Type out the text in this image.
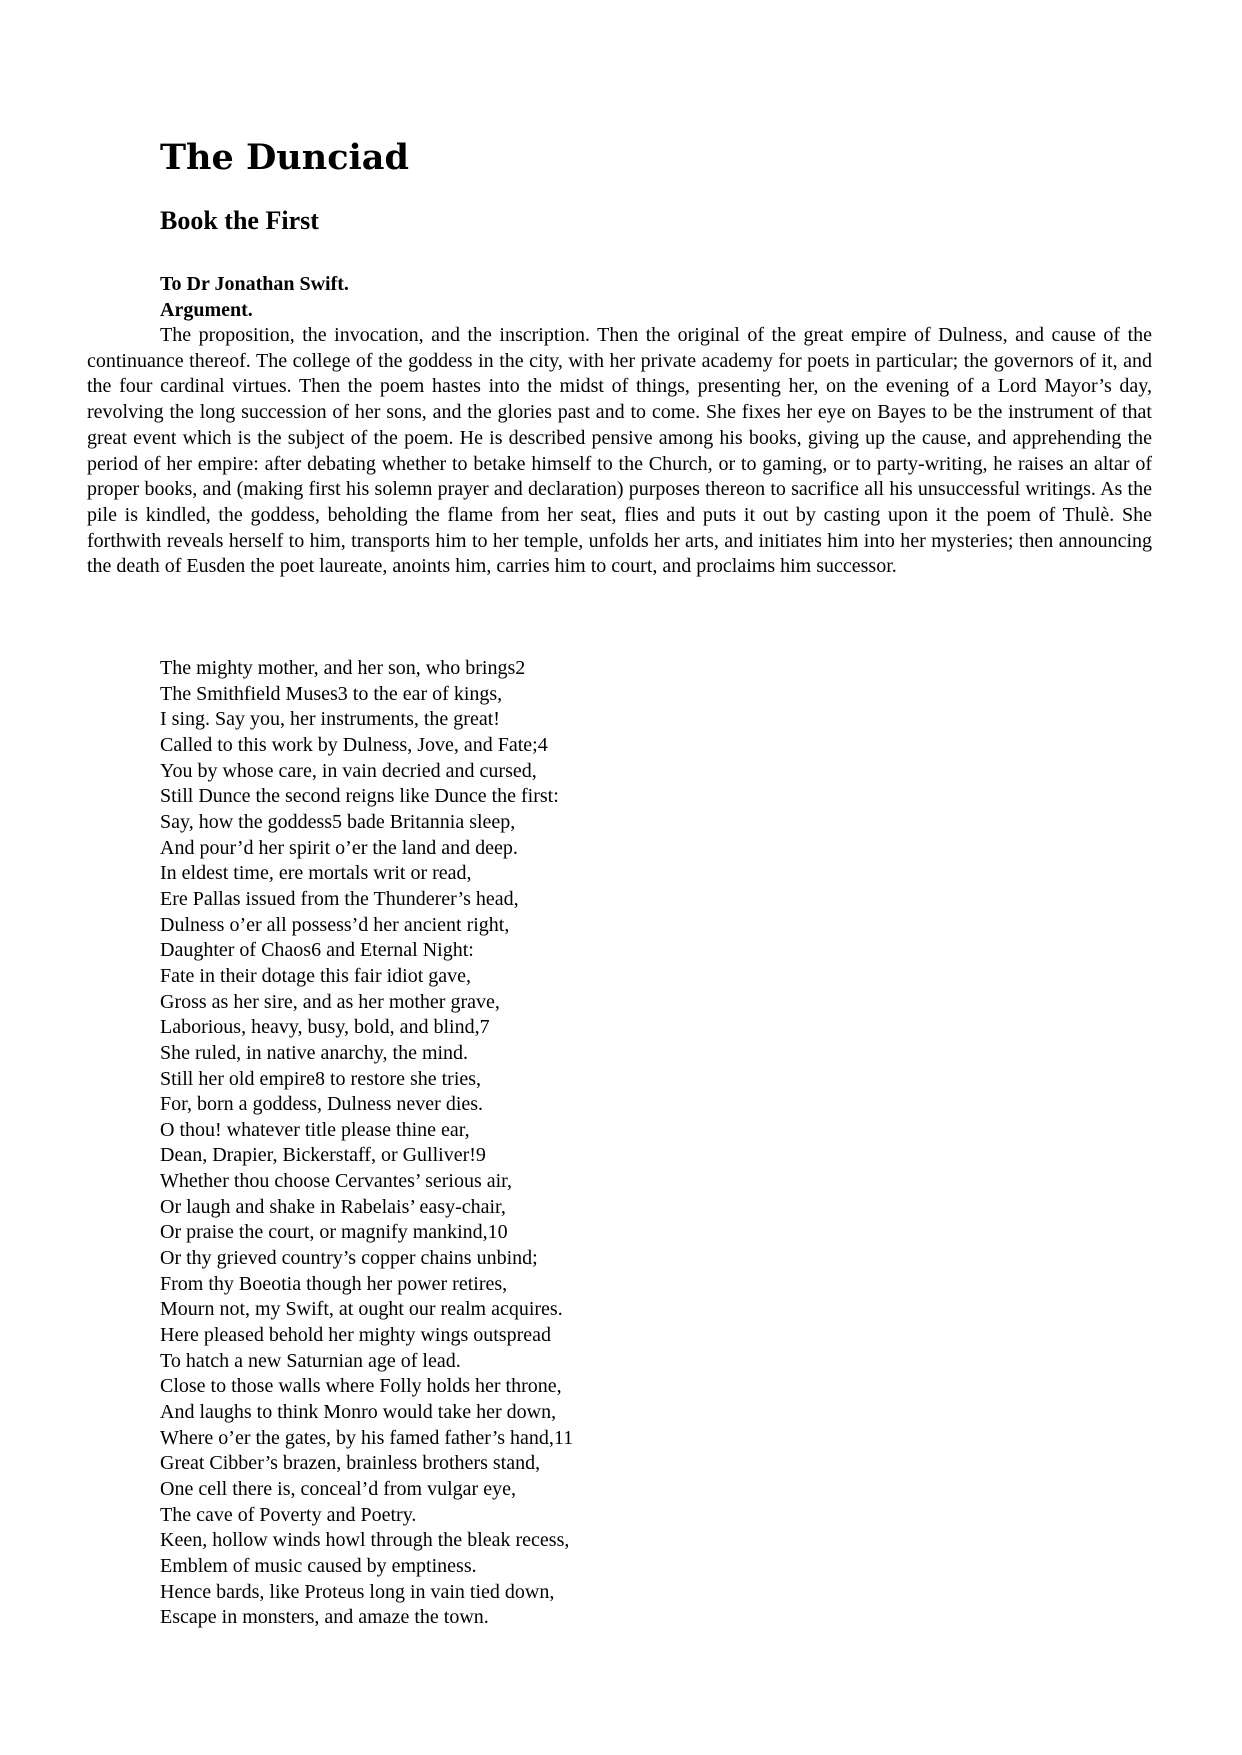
The Dunciad
Book the First

To Dr Jonathan Swift.

Argument.

The proposition, the invocation, and the inscription. Then the original of the great empire of Dulness, and cause of the continuance thereof. The college of the goddess in the city, with her private academy for poets in particular; the governors of it, and the four cardinal virtues. Then the poem hastes into the midst of things, presenting her, on the evening of a Lord Mayor’s day, revolving the long succession of her sons, and the glories past and to come. She fixes her eye on Bayes to be the instrument of that great event which is the subject of the poem. He is described pensive among his books, giving up the cause, and apprehending the period of her empire: after debating whether to betake himself to the Church, or to gaming, or to party-writing, he raises an altar of proper books, and (making first his solemn prayer and declaration) purposes thereon to sacrifice all his unsuccessful writings. As the pile is kindled, the goddess, beholding the flame from her seat, flies and puts it out by casting upon it the poem of Thulè. She forthwith reveals herself to him, transports him to her temple, unfolds her arts, and initiates him into her mysteries; then announcing the death of Eusden the poet laureate, anoints him, carries him to court, and proclaims him successor.

The mighty mother, and her son, who brings2
The Smithfield Muses3 to the ear of kings,
I sing. Say you, her instruments, the great!
Called to this work by Dulness, Jove, and Fate;4
You by whose care, in vain decried and cursed,
Still Dunce the second reigns like Dunce the first:
Say, how the goddess5 bade Britannia sleep,
And pour’d her spirit o’er the land and deep.
In eldest time, ere mortals writ or read,
Ere Pallas issued from the Thunderer’s head,
Dulness o’er all possess’d her ancient right,
Daughter of Chaos6 and Eternal Night:
Fate in their dotage this fair idiot gave,
Gross as her sire, and as her mother grave,
Laborious, heavy, busy, bold, and blind,7
She ruled, in native anarchy, the mind.
Still her old empire8 to restore she tries,
For, born a goddess, Dulness never dies.
O thou! whatever title please thine ear,
Dean, Drapier, Bickerstaff, or Gulliver!9
Whether thou choose Cervantes’ serious air,
Or laugh and shake in Rabelais’ easy-chair,
Or praise the court, or magnify mankind,10
Or thy grieved country’s copper chains unbind;
From thy Boeotia though her power retires,
Mourn not, my Swift, at ought our realm acquires.
Here pleased behold her mighty wings outspread
To hatch a new Saturnian age of lead.
Close to those walls where Folly holds her throne,
And laughs to think Monro would take her down,
Where o’er the gates, by his famed father’s hand,11
Great Cibber’s brazen, brainless brothers stand,
One cell there is, conceal’d from vulgar eye,
The cave of Poverty and Poetry.
Keen, hollow winds howl through the bleak recess,
Emblem of music caused by emptiness.
Hence bards, like Proteus long in vain tied down,
Escape in monsters, and amaze the town.
